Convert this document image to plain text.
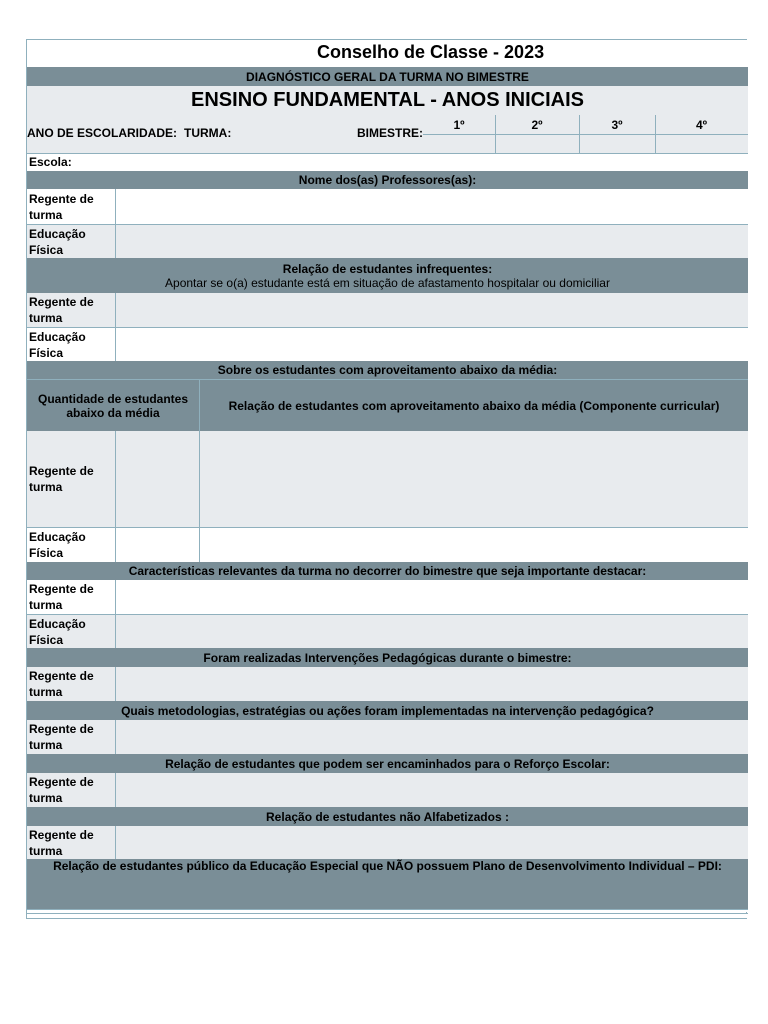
Conselho de Classe - 2023
DIAGNÓSTICO GERAL DA TURMA NO BIMESTRE
ENSINO FUNDAMENTAL - ANOS INICIAIS
ANO DE ESCOLARIDADE: TURMA:	BIMESTRE:
1º	2º	3º	4º
Escola:
Nome dos(as) Professores(as):
Regente de turma
Educação Física
Relação de estudantes infrequentes:
Apontar se o(a) estudante está em situação de afastamento hospitalar ou domiciliar
Regente de turma
Educação Física
Sobre os estudantes com aproveitamento abaixo da média:
Quantidade de estudantes abaixo da média	Relação de estudantes com aproveitamento abaixo da média (Componente curricular)
Regente de turma
Educação Física
Características relevantes da turma no decorrer do bimestre que seja importante destacar:
Regente de turma
Educação Física
Foram realizadas Intervenções Pedagógicas durante o bimestre:
Regente de turma
Quais metodologias, estratégias ou ações foram implementadas na intervenção pedagógica?
Regente de turma
Relação de estudantes que podem ser encaminhados para o Reforço Escolar:
Regente de turma
Relação de estudantes não Alfabetizados :
Regente de turma
Relação de estudantes público da Educação Especial que NÃO possuem Plano de Desenvolvimento Individual – PDI:
